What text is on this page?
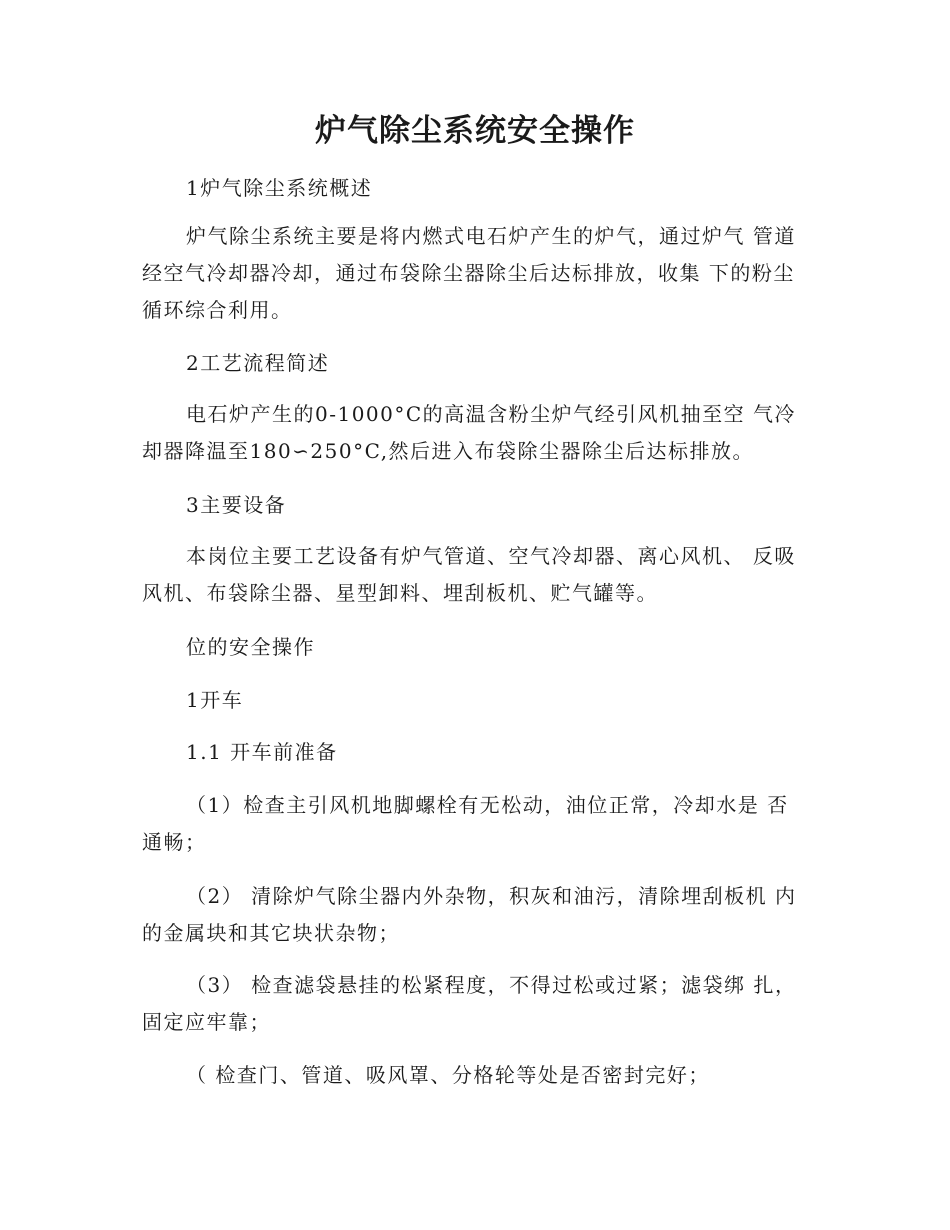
炉气除尘系统安全操作

1炉气除尘系统概述

炉气除尘系统主要是将内燃式电石炉产生的炉气，通过炉气 管道经空气冷却器冷却，通过布袋除尘器除尘后达标排放，收集 下的粉尘循环综合利用。

2工艺流程简述

电石炉产生的0-1000°C的高温含粉尘炉气经引风机抽至空 气冷却器降温至180∽250°C,然后进入布袋除尘器除尘后达标排放。

3主要设备

本岗位主要工艺设备有炉气管道、空气冷却器、离心风机、 反吸风机、布袋除尘器、星型卸料、埋刮板机、贮气罐等。

位的安全操作

1开车

1.1 开车前准备

（1）检查主引风机地脚螺栓有无松动，油位正常，冷却水是 否通畅；

（2） 清除炉气除尘器内外杂物，积灰和油污，清除埋刮板机 内的金属块和其它块状杂物；

（3） 检查滤袋悬挂的松紧程度，不得过松或过紧；滤袋绑 扎，固定应牢靠；

（ 检查门、管道、吸风罩、分格轮等处是否密封完好；
